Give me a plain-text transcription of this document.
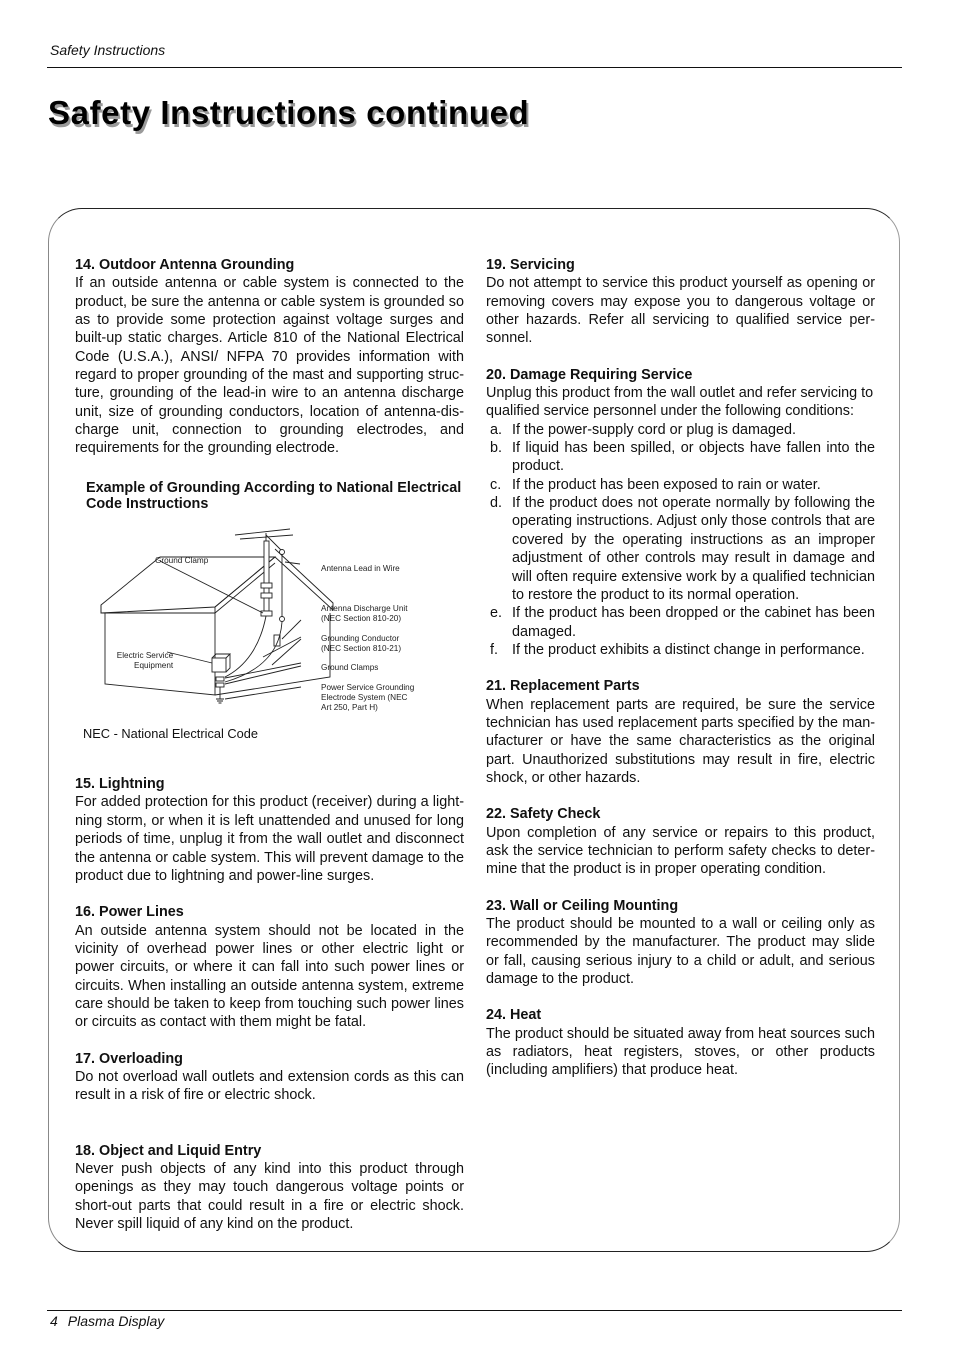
Safety Instructions
Safety Instructions continued
14. Outdoor Antenna Grounding

If an outside antenna or cable system is connected to the product, be sure the antenna or cable system is grounded so as to provide some protection against voltage surges and built-up static charges. Article 810 of the National Electrical Code (U.S.A.), ANSI/ NFPA 70 provides information with regard to proper grounding of the mast and supporting struc-ture, grounding of the lead-in wire to an antenna discharge unit, size of grounding conductors, location of antenna-dis-charge unit, connection to grounding electrodes, and requirements for the grounding electrode.

Example of Grounding According to National Electrical Code Instructions
Ground Clamp
Antenna Lead in Wire
Antenna Discharge Unit
(NEC Section 810-20)
Grounding Conductor
(NEC Section 810-21)
Ground Clamps
Power Service Grounding
Electrode System (NEC
Art 250, Part H)
Electric Service
Equipment
NEC - National Electrical Code
15. Lightning

For added protection for this product (receiver) during a light-ning storm, or when it is left unattended and unused for long periods of time, unplug it from the wall outlet and disconnect the antenna or cable system. This will prevent damage to the product due to lightning and power-line surges.

16. Power Lines

An outside antenna system should not be located in the vicinity of overhead power lines or other electric light or power circuits, or where it can fall into such power lines or circuits. When installing an outside antenna system, extreme care should be taken to keep from touching such power lines or circuits as contact with them might be fatal.

17. Overloading

Do not overload wall outlets and extension cords as this can result in a risk of fire or electric shock.

18. Object and Liquid Entry

Never push objects of any kind into this product through openings as they may touch dangerous voltage points or short-out parts that could result in a fire or electric shock. Never spill liquid of any kind on the product.

19. Servicing

Do not attempt to service this product yourself as opening or removing covers may expose you to dangerous voltage or other hazards. Refer all servicing to qualified service per-sonnel.

20. Damage Requiring Service

Unplug this product from the wall outlet and refer servicing to qualified service personnel under the following conditions:

a. If the power-supply cord or plug is damaged.
b. If liquid has been spilled, or objects have fallen into the product.
c. If the product has been exposed to rain or water.
d. If the product does not operate normally by following the operating instructions. Adjust only those controls that are covered by the operating instructions as an improper adjustment of other controls may result in damage and will often require extensive work by a qualified technician to restore the product to its normal operation.
e. If the product has been dropped or the cabinet has been damaged.
f. If the product exhibits a distinct change in performance.
21. Replacement Parts

When replacement parts are required, be sure the service technician has used replacement parts specified by the man-ufacturer or have the same characteristics as the original part. Unauthorized substitutions may result in fire, electric shock, or other hazards.

22. Safety Check

Upon completion of any service or repairs to this product, ask the service technician to perform safety checks to deter-mine that the product is in proper operating condition.

23. Wall or Ceiling Mounting

The product should be mounted to a wall or ceiling only as recommended by the manufacturer. The product may slide or fall, causing serious injury to a child or adult, and serious damage to the product.

24. Heat

The product should be situated away from heat sources such as radiators, heat registers, stoves, or other products (including amplifiers) that produce heat.

4 Plasma Display
